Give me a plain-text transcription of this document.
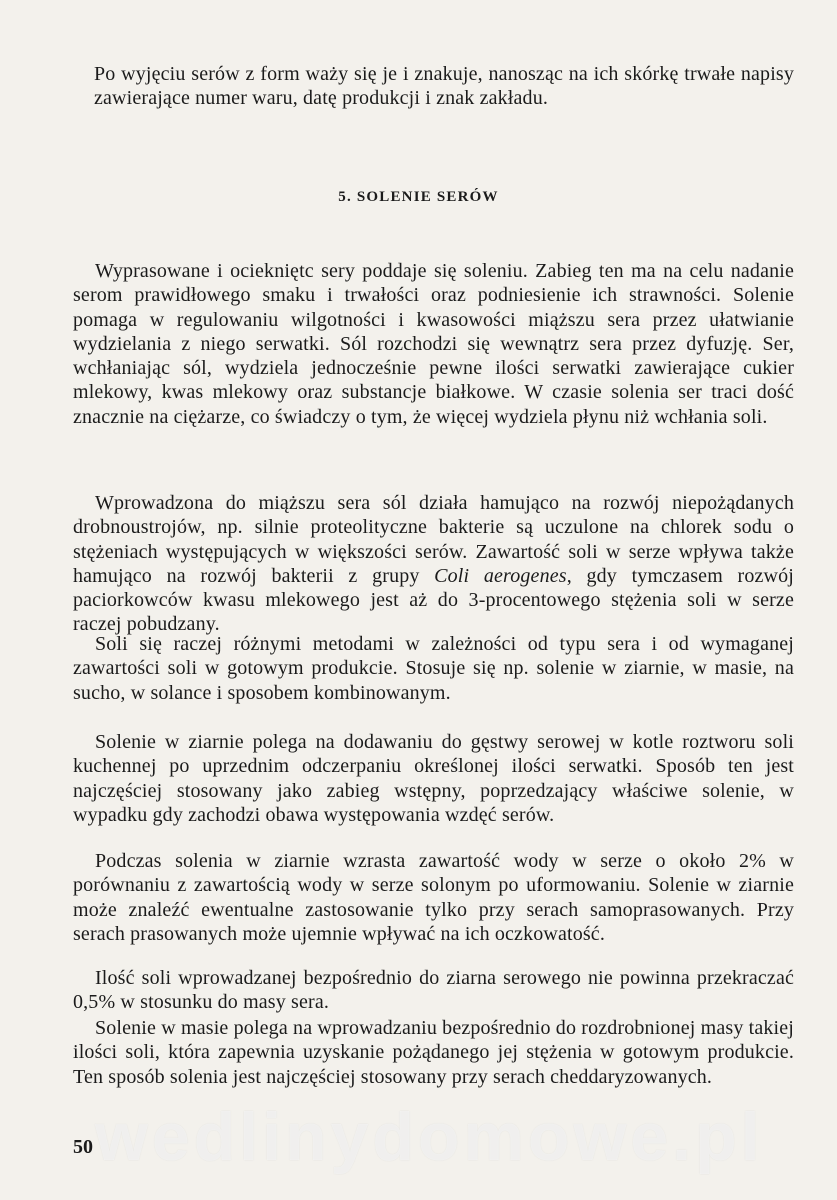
Po wyjęciu serów z form waży się je i znakuje, nanosząc na ich skórkę trwałe napisy zawierające numer waru, datę produkcji i znak zakładu.

5. SOLENIE SERÓW

Wyprasowane i ociekniętc sery poddaje się soleniu. Zabieg ten ma na celu nadanie serom prawidłowego smaku i trwałości oraz podniesienie ich strawności. Solenie pomaga w regulowaniu wilgotności i kwasowości miąższu sera przez ułatwianie wydzielania z niego serwatki. Sól rozchodzi się wewnątrz sera przez dyfuzję. Ser, wchłaniając sól, wydziela jednocześnie pewne ilości serwatki zawierające cukier mlekowy, kwas mlekowy oraz substancje białkowe. W czasie solenia ser traci dość znacznie na ciężarze, co świadczy o tym, że więcej wydziela płynu niż wchłania soli.

Wprowadzona do miąższu sera sól działa hamująco na rozwój niepożądanych drobnoustrojów, np. silnie proteolityczne bakterie są uczulone na chlorek sodu o stężeniach występujących w większości serów. Zawartość soli w serze wpływa także hamująco na rozwój bakterii z grupy Coli aerogenes, gdy tymczasem rozwój paciorkowców kwasu mlekowego jest aż do 3-procentowego stężenia soli w serze raczej pobudzany.

Soli się raczej różnymi metodami w zależności od typu sera i od wymaganej zawartości soli w gotowym produkcie. Stosuje się np. solenie w ziarnie, w masie, na sucho, w solance i sposobem kombinowanym.

Solenie w ziarnie polega na dodawaniu do gęstwy serowej w kotle roztworu soli kuchennej po uprzednim odczerpaniu określonej ilości serwatki. Sposób ten jest najczęściej stosowany jako zabieg wstępny, poprzedzający właściwe solenie, w wypadku gdy zachodzi obawa występowania wzdęć serów.

Podczas solenia w ziarnie wzrasta zawartość wody w serze o około 2% w porównaniu z zawartością wody w serze solonym po uformowaniu. Solenie w ziarnie może znaleźć ewentualne zastosowanie tylko przy serach samoprasowanych. Przy serach prasowanych może ujemnie wpływać na ich oczkowatość.

Ilość soli wprowadzanej bezpośrednio do ziarna serowego nie powinna przekraczać 0,5% w stosunku do masy sera.

Solenie w masie polega na wprowadzaniu bezpośrednio do rozdrobnionej masy takiej ilości soli, która zapewnia uzyskanie pożądanego jej stężenia w gotowym produkcie. Ten sposób solenia jest najczęściej stosowany przy serach cheddaryzowanych.

wedlinydomowe.pl

50
